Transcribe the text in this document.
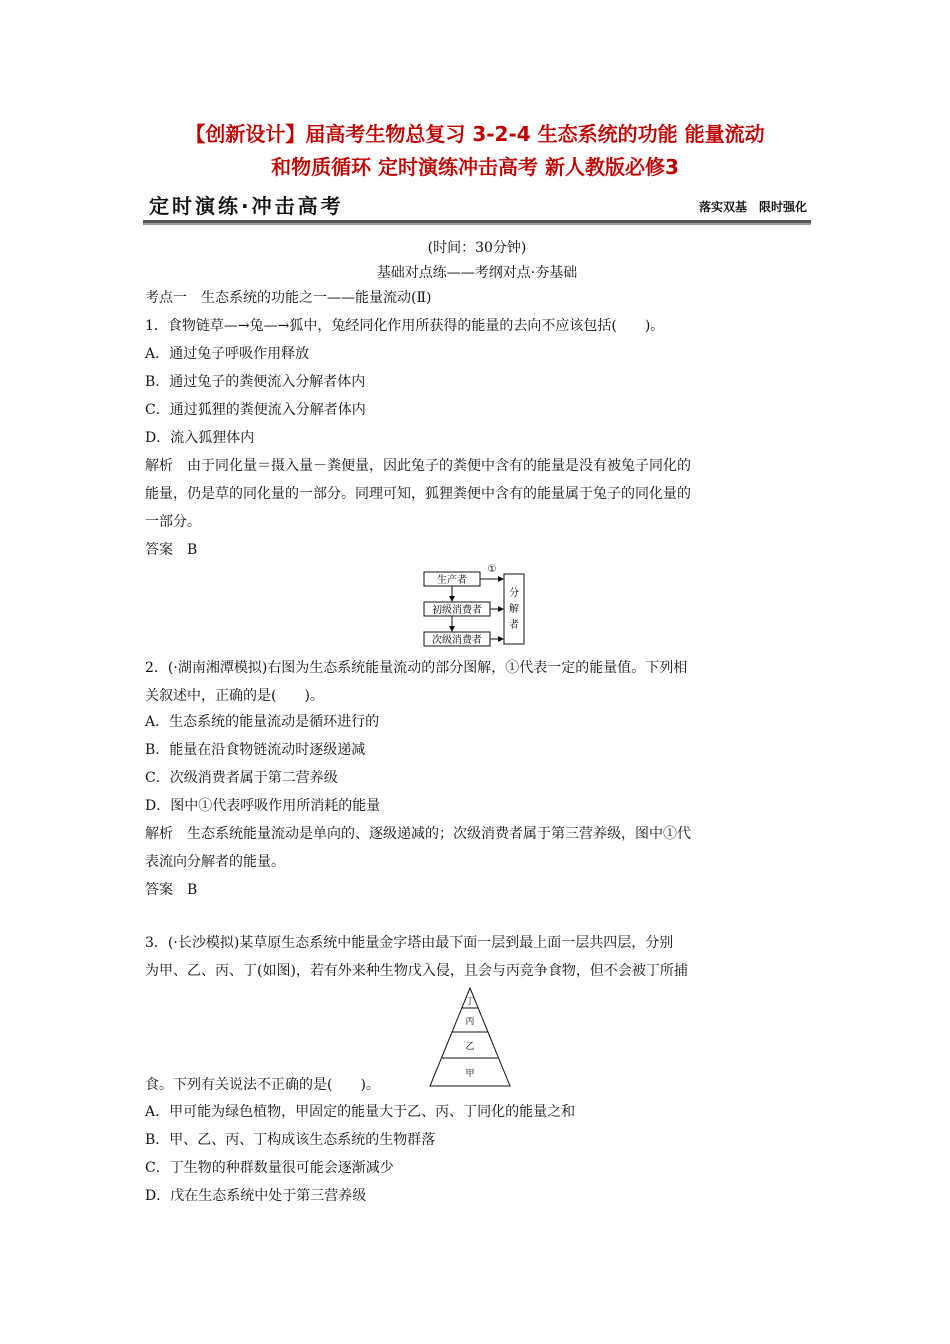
【创新设计】届高考生物总复习 3-2-4 生态系统的功能 能量流动
和物质循环 定时演练冲击高考 新人教版必修3
定时演练·冲击高考	落实双基　限时强化
(时间：30分钟)
基础对点练——考纲对点·夯基础
考点一　生态系统的功能之一——能量流动(Ⅱ)
1．食物链草—→兔—→狐中，兔经同化作用所获得的能量的去向不应该包括(　　)。
A．通过兔子呼吸作用释放
B．通过兔子的粪便流入分解者体内
C．通过狐狸的粪便流入分解者体内
D．流入狐狸体内
解析　由于同化量＝摄入量－粪便量，因此兔子的粪便中含有的能量是没有被兔子同化的
能量，仍是草的同化量的一部分。同理可知，狐狸粪便中含有的能量属于兔子的同化量的
一部分。
答案　B
生产者
初级消费者
次级消费者
分
解
者
①
2．(·湖南湘潭模拟)右图为生态系统能量流动的部分图解，①代表一定的能量值。下列相
关叙述中，正确的是(　　)。
A．生态系统的能量流动是循环进行的
B．能量在沿食物链流动时逐级递减
C．次级消费者属于第二营养级
D．图中①代表呼吸作用所消耗的能量
解析　生态系统能量流动是单向的、逐级递减的；次级消费者属于第三营养级，图中①代
表流向分解者的能量。
答案　B
3．(·长沙模拟)某草原生态系统中能量金字塔由最下面一层到最上面一层共四层，分别
为甲、乙、丙、丁(如图)，若有外来种生物戊入侵，且会与丙竞争食物，但不会被丁所捕
丁
丙
乙
甲
食。下列有关说法不正确的是(　　)。
A．甲可能为绿色植物，甲固定的能量大于乙、丙、丁同化的能量之和
B．甲、乙、丙、丁构成该生态系统的生物群落
C．丁生物的种群数量很可能会逐渐减少
D．戊在生态系统中处于第三营养级
